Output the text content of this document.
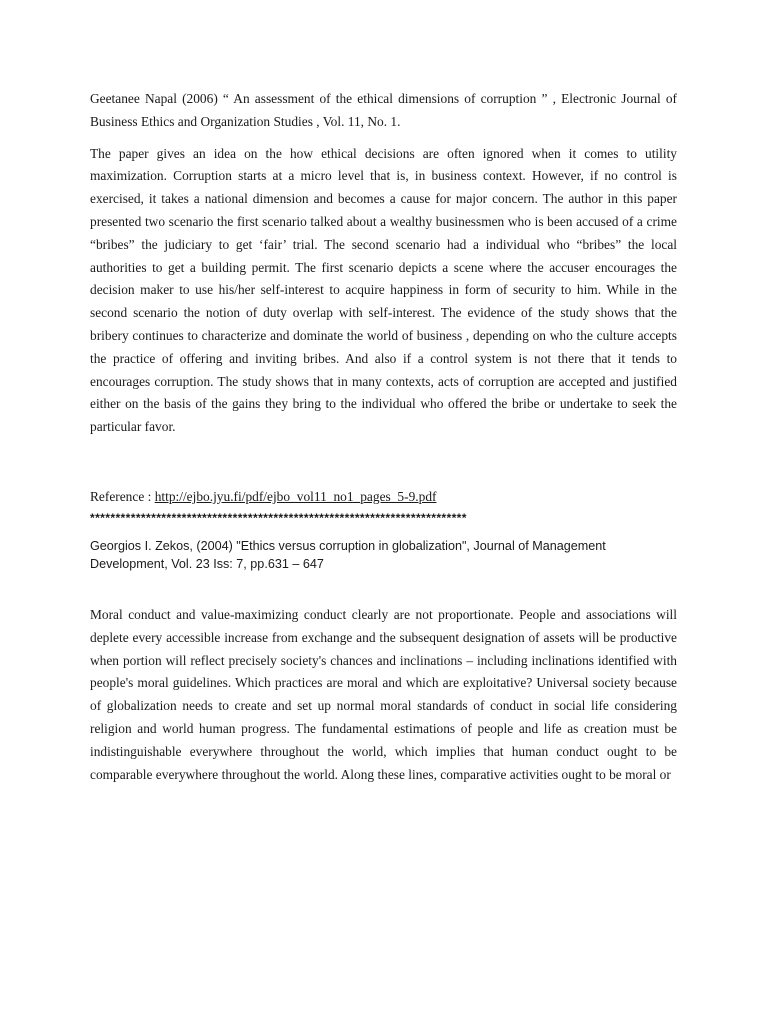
Geetanee Napal (2006) “ An assessment of the ethical dimensions of corruption ” , Electronic Journal of Business Ethics and Organization Studies , Vol. 11, No. 1.

The paper gives an idea on the how ethical decisions are often ignored when it comes to utility maximization. Corruption starts at a micro level that is, in business context. However, if no control is exercised, it takes a national dimension and becomes a cause for major concern. The author in this paper presented two scenario the first scenario talked about a wealthy businessmen who is been accused of a crime “bribes” the judiciary to get ‘fair’ trial. The second scenario had a individual who “bribes” the local authorities to get a building permit. The first scenario depicts a scene where the accuser encourages the decision maker to use his/her self-interest to acquire happiness in form of security to him. While in the second scenario the notion of duty overlap with self-interest. The evidence of the study shows that the bribery continues to characterize and dominate the world of business , depending on who the culture accepts the practice of offering and inviting bribes. And also if a control system is not there that it tends to encourages corruption. The study shows that in many contexts, acts of corruption are accepted and justified either on the basis of the gains they bring to the individual who offered the bribe or undertake to seek the particular favor.

Reference : http://ejbo.jyu.fi/pdf/ejbo_vol11_no1_pages_5-9.pdf

**************************************************************************

Georgios I. Zekos, (2004) "Ethics versus corruption in globalization", Journal of Management Development, Vol. 23 Iss: 7, pp.631 – 647

Moral conduct and value-maximizing conduct clearly are not proportionate. People and associations will deplete every accessible increase from exchange and the subsequent designation of assets will be productive when portion will reflect precisely society's chances and inclinations – including inclinations identified with people's moral guidelines. Which practices are moral and which are exploitative? Universal society because of globalization needs to create and set up normal moral standards of conduct in social life considering religion and world human progress. The fundamental estimations of people and life as creation must be indistinguishable everywhere throughout the world, which implies that human conduct ought to be comparable everywhere throughout the world. Along these lines, comparative activities ought to be moral or
